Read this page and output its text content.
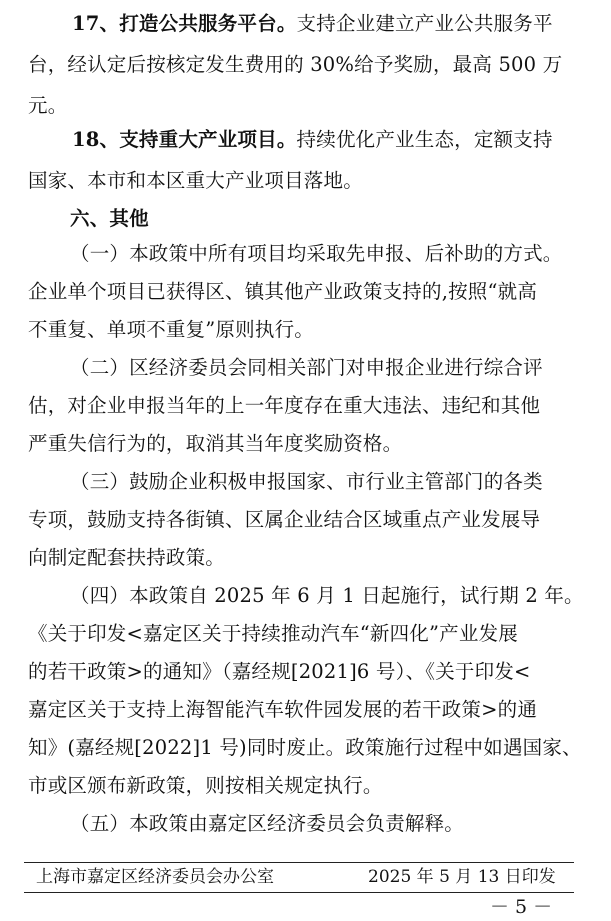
17、打造公共服务平台。支持企业建立产业公共服务平
台，经认定后按核定发生费用的 30%给予奖励，最高 500 万
元。
18、支持重大产业项目。持续优化产业生态，定额支持
国家、本市和本区重大产业项目落地。
六、其他
（一）本政策中所有项目均采取先申报、后补助的方式。
企业单个项目已获得区、镇其他产业政策支持的,按照“就高
不重复、单项不重复”原则执行。
（二）区经济委员会同相关部门对申报企业进行综合评
估，对企业申报当年的上一年度存在重大违法、违纪和其他
严重失信行为的，取消其当年度奖励资格。
（三）鼓励企业积极申报国家、市行业主管部门的各类
专项，鼓励支持各街镇、区属企业结合区域重点产业发展导
向制定配套扶持政策。
（四）本政策自 2025 年 6 月 1 日起施行，试行期 2 年。
《关于印发<嘉定区关于持续推动汽车“新四化”产业发展
的若干政策>的通知》（嘉经规[2021]6 号）、《关于印发<
嘉定区关于支持上海智能汽车软件园发展的若干政策>的通
知》(嘉经规[2022]1 号)同时废止。政策施行过程中如遇国家、
市或区颁布新政策，则按相关规定执行。
（五）本政策由嘉定区经济委员会负责解释。
上海市嘉定区经济委员会办公室	2025 年 5 月 13 日印发
－ 5 －
